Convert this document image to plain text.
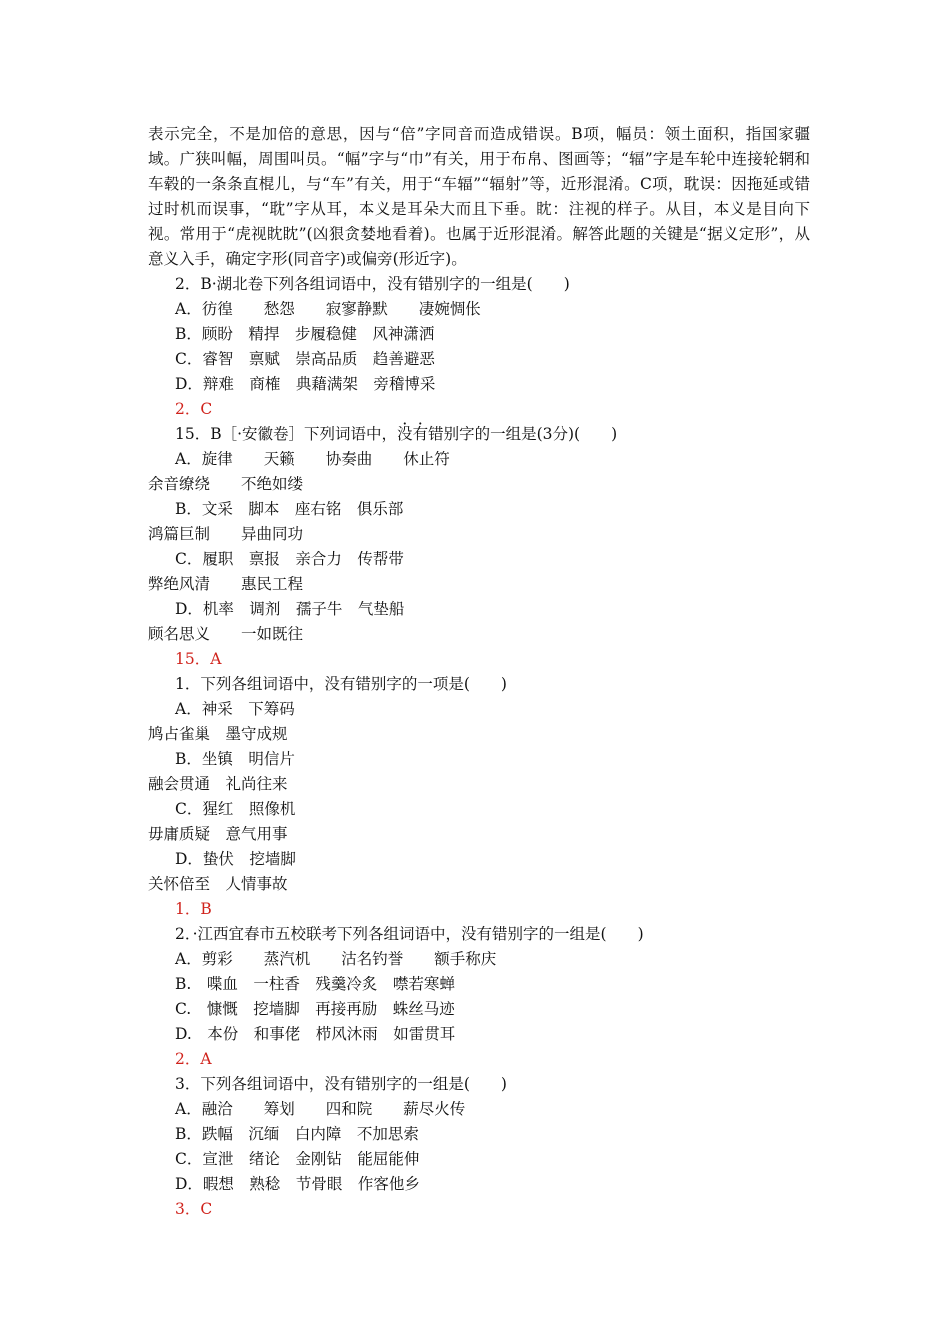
表示完全，不是加倍的意思，因与“倍”字同音而造成错误。B项，幅员：领土面积，指国家疆域。广狭叫幅，周围叫员。“幅”字与“巾”有关，用于布帛、图画等；“辐”字是车轮中连接轮辋和车毂的一条条直棍儿，与“车”有关，用于“车辐”“辐射”等，近形混淆。C项，耽误：因拖延或错过时机而误事，“耽”字从耳，本义是耳朵大而且下垂。眈：注视的样子。从目，本义是目向下视。常用于“虎视眈眈”(凶狠贪婪地看着)。也属于近形混淆。解答此题的关键是“据义定形”，从意义入手，确定字形(同音字)或偏旁(形近字)。

2．B·湖北卷下列各组词语中，没有错别字的一组是(　　)

A．彷徨　　愁怨　　寂寥静默　　凄婉惆伥

B．顾盼　精捍　步履稳健　风神潇洒

C．睿智　禀赋　崇高品质　趋善避恶

D．辩难　商榷　典藉满架　旁稽博采

2．C

15．B［·安徽卷］下列词语中，没有错别字的一组是(3分)(　　)

A．旋律　　天籁　　协奏曲　　休止符

余音缭绕　　不绝如缕

B．文采　脚本　座右铭　俱乐部

鸿篇巨制　　异曲同功

C．履职　禀报　亲合力　传帮带

弊绝风清　　惠民工程

D．机率　调剂　孺子牛　气垫船

顾名思义　　一如既往

15．A

1．下列各组词语中，没有错别字的一项是(　　)

A．神采　下筹码

鸠占雀巢　墨守成规

B．坐镇　明信片

融会贯通　礼尚往来

C．猩红　照像机

毋庸质疑　意气用事

D．蛰伏　挖墙脚

关怀倍至　人情事故

1．B

2．·江西宜春市五校联考下列各组词语中，没有错别字的一组是(　　)

A．剪彩　　蒸汽机　　沽名钓誉　　额手称庆

B.　喋血　一柱香　残羹冷炙　噤若寒蝉

C.　慷慨　挖墙脚　再接再励　蛛丝马迹

D.　本份　和事佬　栉风沐雨　如雷贯耳

2．A

3．下列各组词语中，没有错别字的一组是(　　)

A．融洽　　筹划　　四和院　　薪尽火传

B．跌幅　沉缅　白内障　不加思索

C．宣泄　绪论　金刚钻　能屈能伸

D．暇想　熟稔　节骨眼　作客他乡

3．C
